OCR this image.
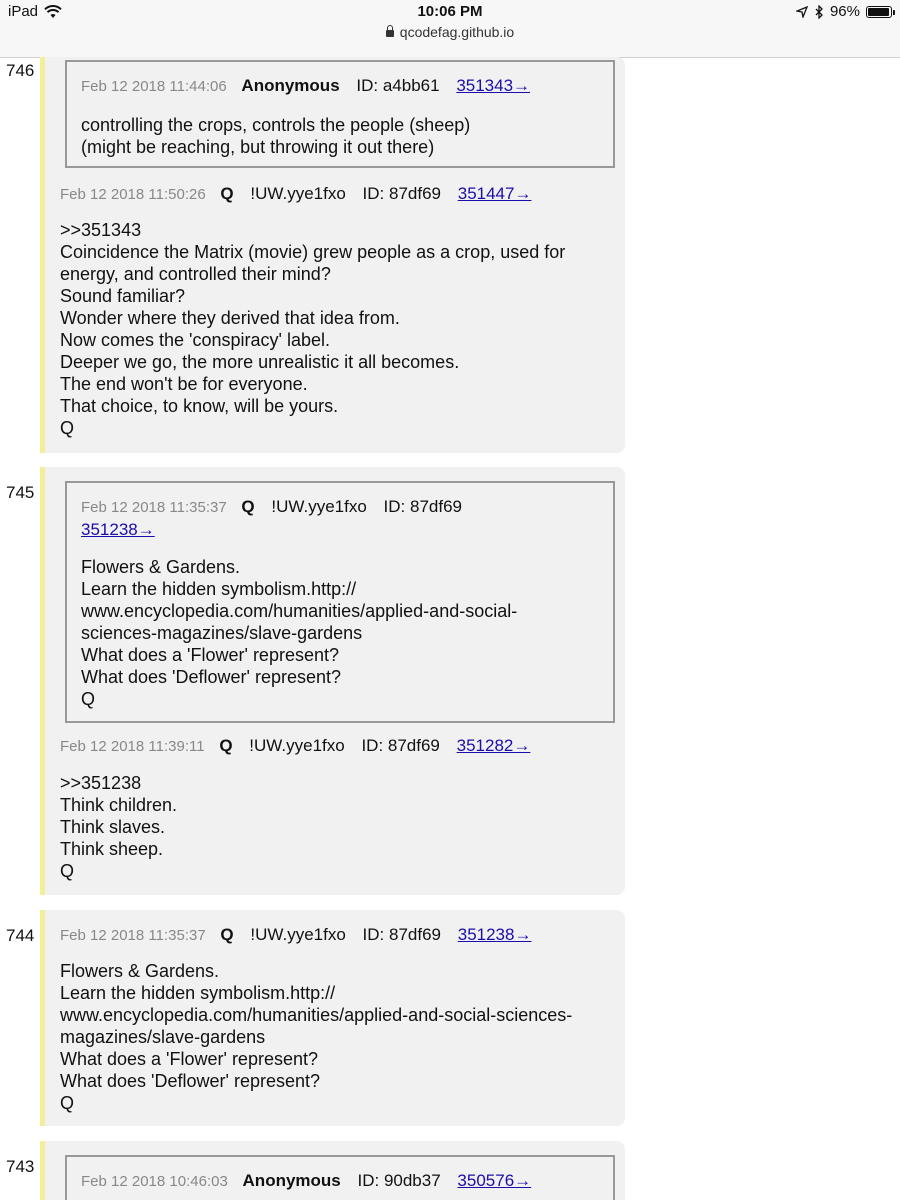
iPad	10:06 PM
qcodefag.github.io
96%
746
Feb 12 2018 11:44:06 Anonymous ID: a4bb61 351343→
controlling the crops, controls the people (sheep)
(might be reaching, but throwing it out there)
Feb 12 2018 11:50:26 Q !UW.yye1fxo ID: 87df69 351447→
>>351343
Coincidence the Matrix (movie) grew people as a crop, used for
energy, and controlled their mind?
Sound familiar?
Wonder where they derived that idea from.
Now comes the 'conspiracy' label.
Deeper we go, the more unrealistic it all becomes.
The end won't be for everyone.
That choice, to know, will be yours.
Q
745
Feb 12 2018 11:35:37 Q !UW.yye1fxo ID: 87df69
351238→
Flowers & Gardens.
Learn the hidden symbolism.http://
www.encyclopedia.com/humanities/applied-and-social-
sciences-magazines/slave-gardens
What does a 'Flower' represent?
What does 'Deflower' represent?
Q
Feb 12 2018 11:39:11 Q !UW.yye1fxo ID: 87df69 351282→
>>351238
Think children.
Think slaves.
Think sheep.
Q
744 Feb 12 2018 11:35:37 Q !UW.yye1fxo ID: 87df69 351238→
Flowers & Gardens.
Learn the hidden symbolism.http://
www.encyclopedia.com/humanities/applied-and-social-sciences-
magazines/slave-gardens
What does a 'Flower' represent?
What does 'Deflower' represent?
Q
743
Feb 12 2018 10:46:03 Anonymous ID: 90db37 350576→
